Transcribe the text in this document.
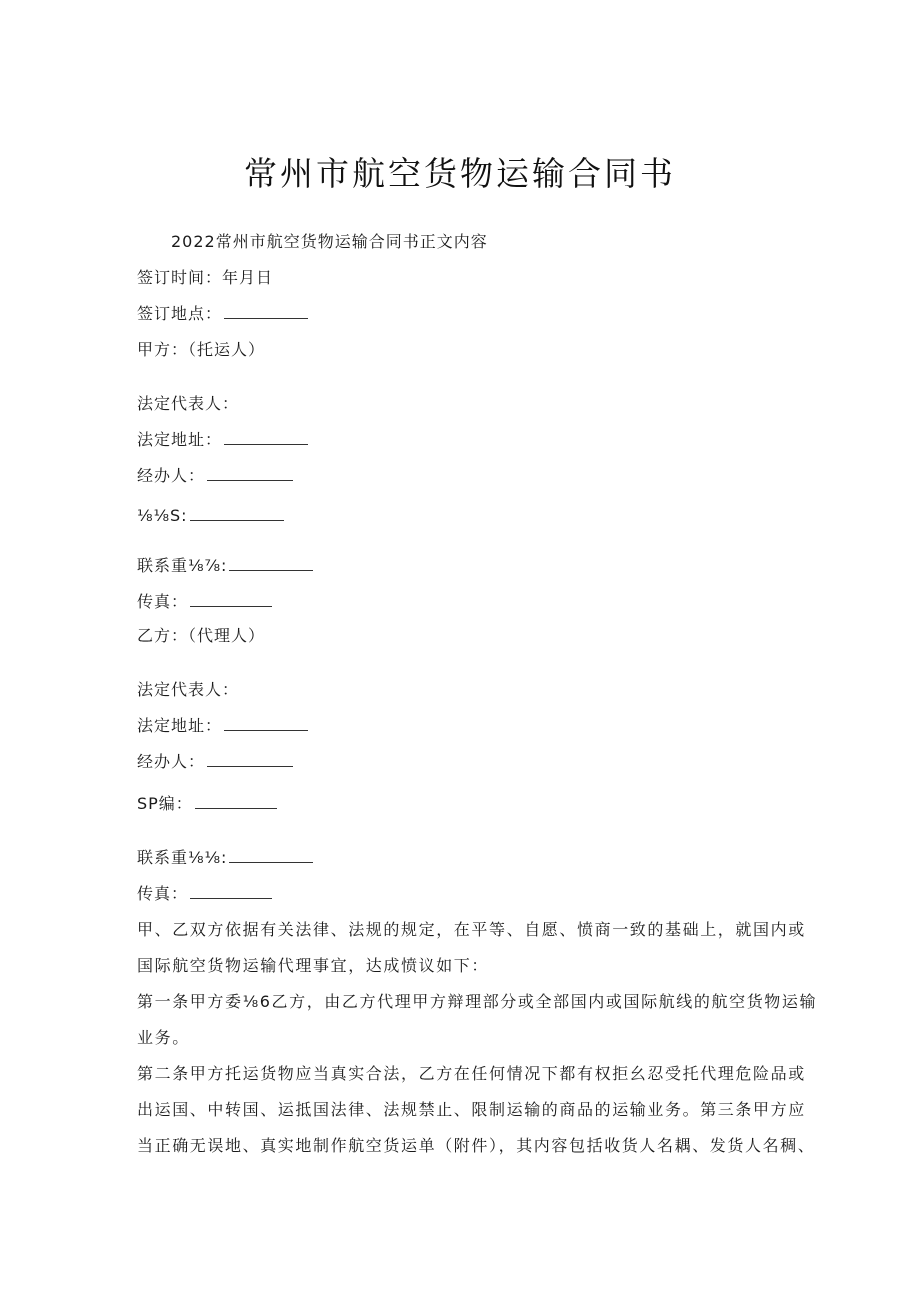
常州市航空货物运输合同书
2022常州市航空货物运输合同书正文内容
签订时间：年月日
签订地点：
甲方：（托运人）
法定代表人：
法定地址：
经办人：
⅛⅛S:
联系重⅛⅞:
传真：
乙方：（代理人）
法定代表人：
法定地址：
经办人：
SP编：
联系重⅛⅛:
传真：
甲、乙双方依据有关法律、法规的规定，在平等、自愿、愤商一致的基础上，就国内或
国际航空货物运输代理事宜，达成愤议如下：
第一条甲方委⅛6乙方，由乙方代理甲方辩理部分或全部国内或国际航线的航空货物运输
业务。
第二条甲方托运货物应当真实合法，乙方在任何情况下都有权拒幺忍受托代理危险品或
出运国、中转国、运抵国法律、法规禁止、限制运输的商品的运输业务。第三条甲方应
当正确无误地、真实地制作航空货运单（附件），其内容包括收货人名耦、发货人名稠、
